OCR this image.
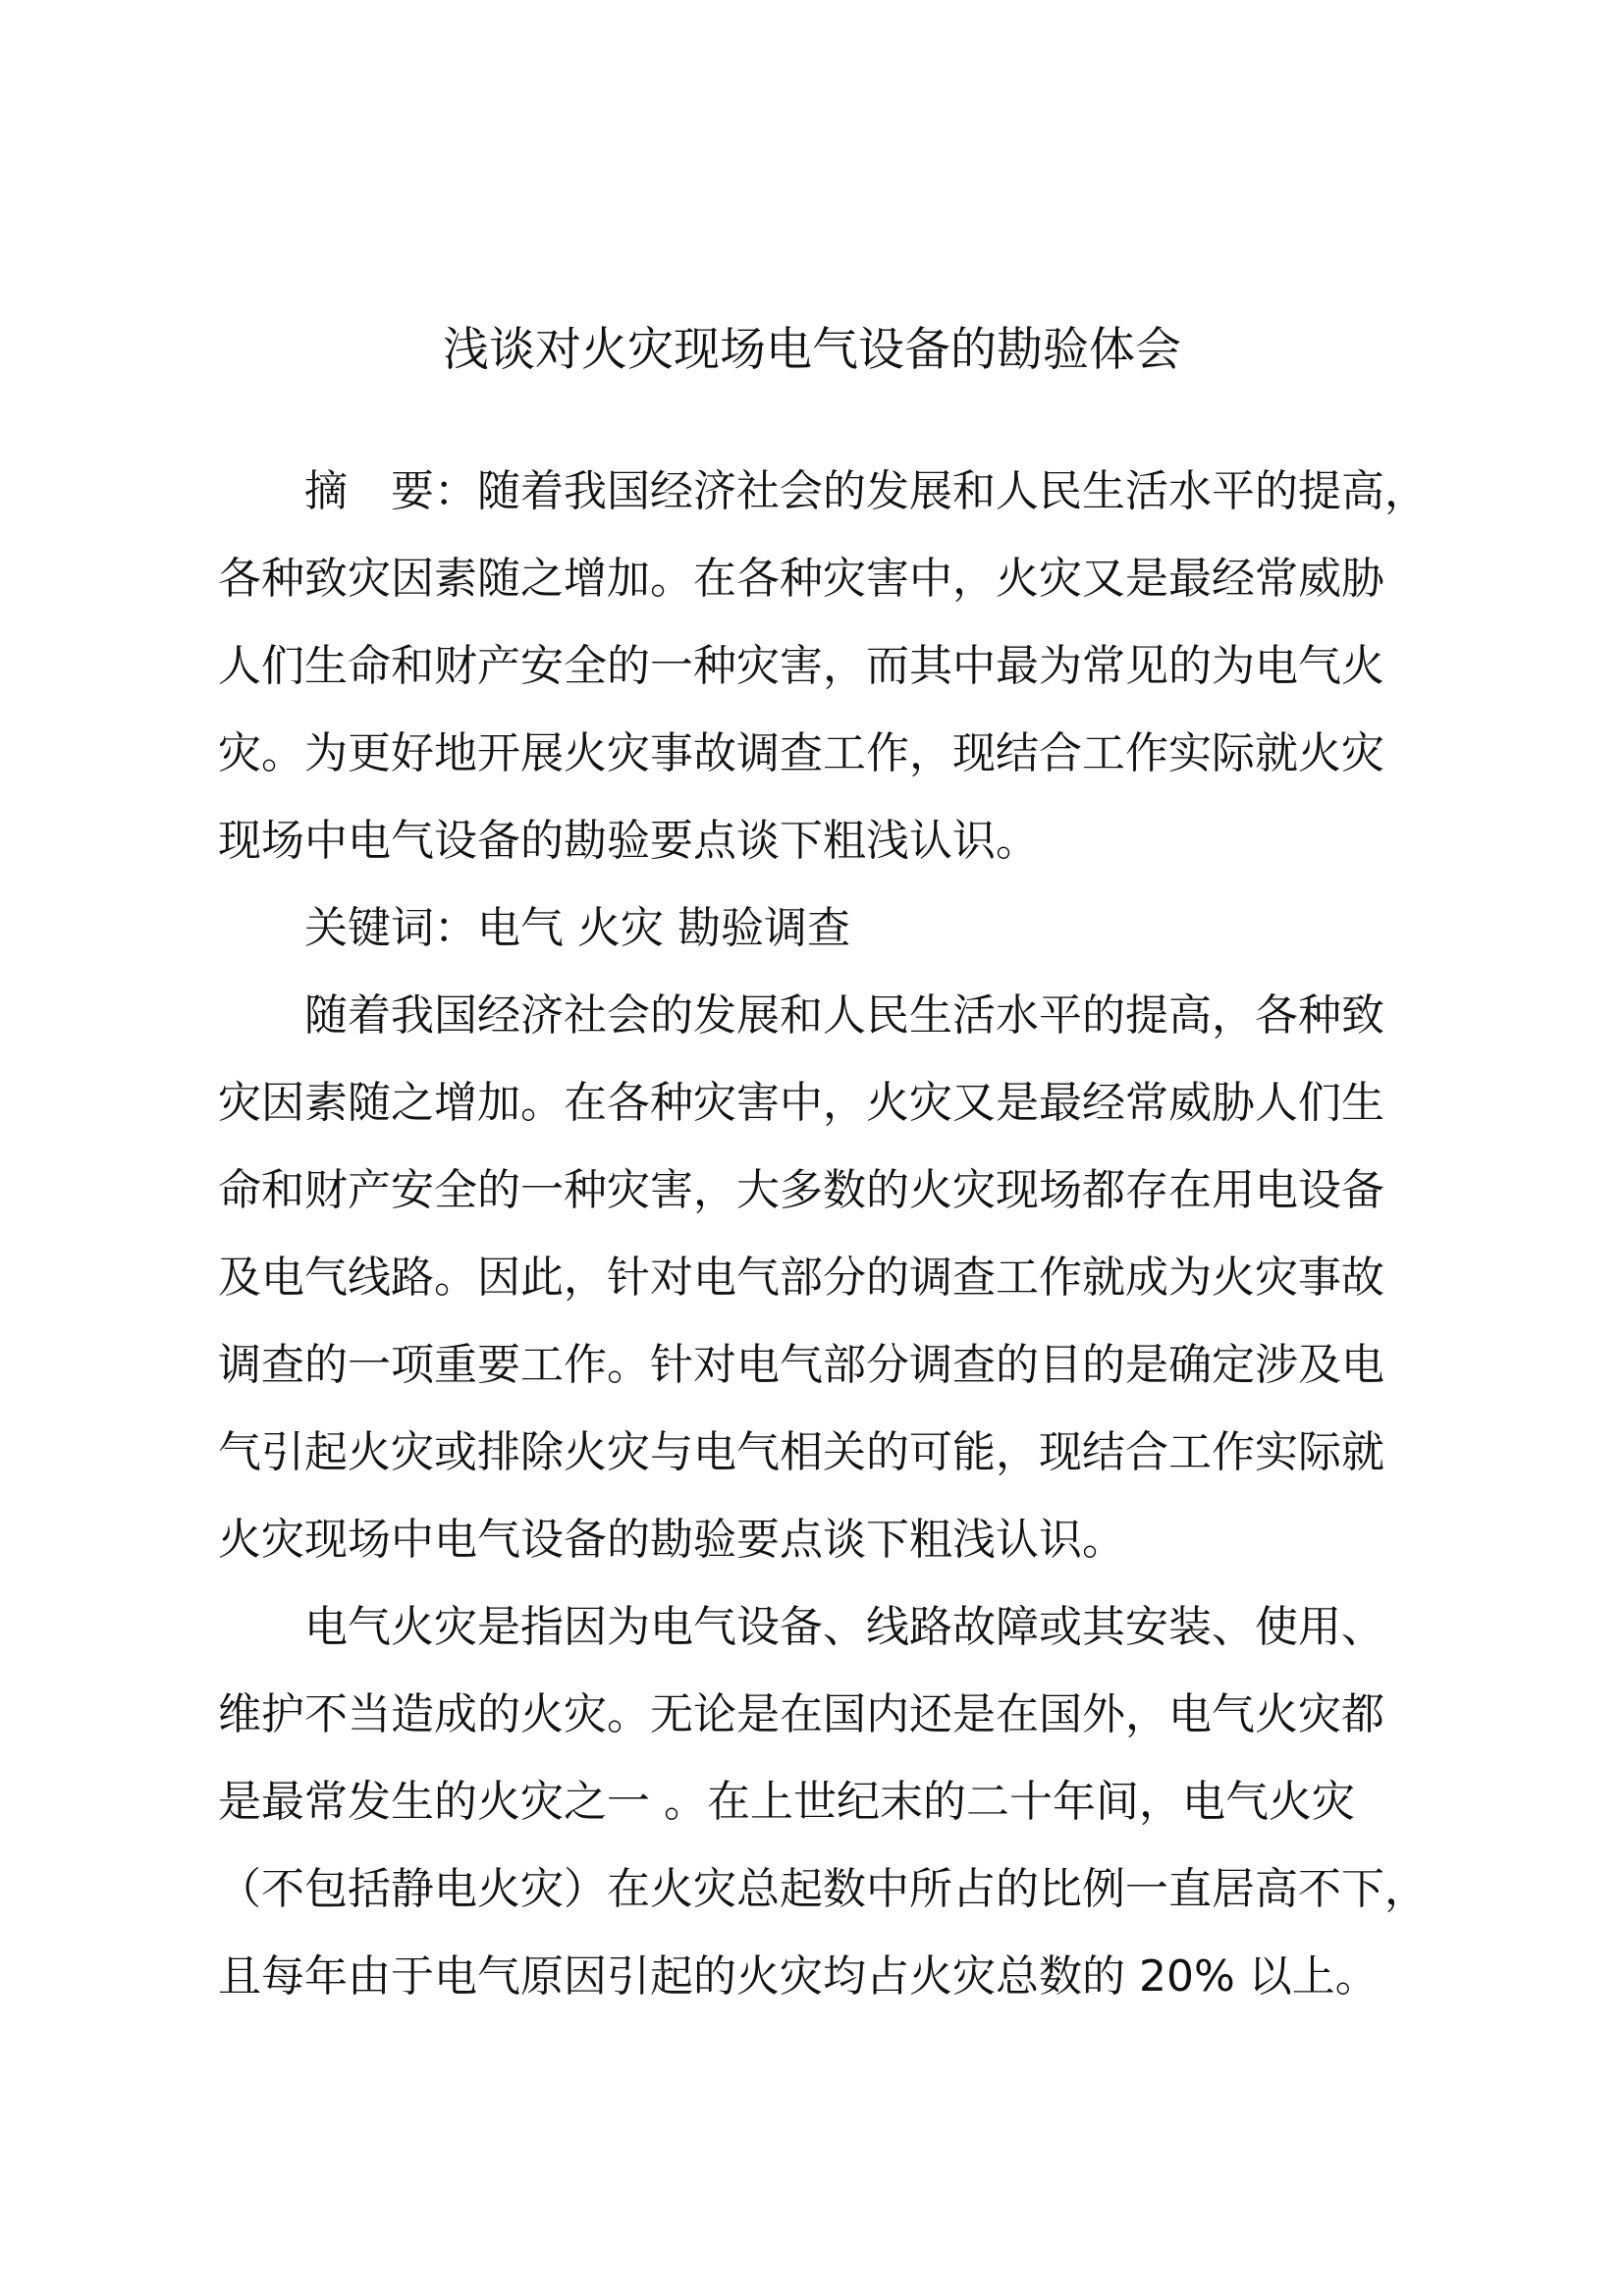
浅谈对火灾现场电气设备的勘验体会
摘　要：随着我国经济社会的发展和人民生活水平的提高，
各种致灾因素随之增加。在各种灾害中，火灾又是最经常威胁
人们生命和财产安全的一种灾害，而其中最为常见的为电气火
灾。为更好地开展火灾事故调查工作，现结合工作实际就火灾
现场中电气设备的勘验要点谈下粗浅认识。
关键词：电气 火灾 勘验调查
随着我国经济社会的发展和人民生活水平的提高，各种致
灾因素随之增加。在各种灾害中，火灾又是最经常威胁人们生
命和财产安全的一种灾害，大多数的火灾现场都存在用电设备
及电气线路。因此，针对电气部分的调查工作就成为火灾事故
调查的一项重要工作。针对电气部分调查的目的是确定涉及电
气引起火灾或排除火灾与电气相关的可能，现结合工作实际就
火灾现场中电气设备的勘验要点谈下粗浅认识。
电气火灾是指因为电气设备、线路故障或其安装、使用、
维护不当造成的火灾。无论是在国内还是在国外，电气火灾都
是最常发生的火灾之一 。在上世纪末的二十年间，电气火灾
（不包括静电火灾）在火灾总起数中所占的比例一直居高不下，
且每年由于电气原因引起的火灾均占火灾总数的 20% 以上。
